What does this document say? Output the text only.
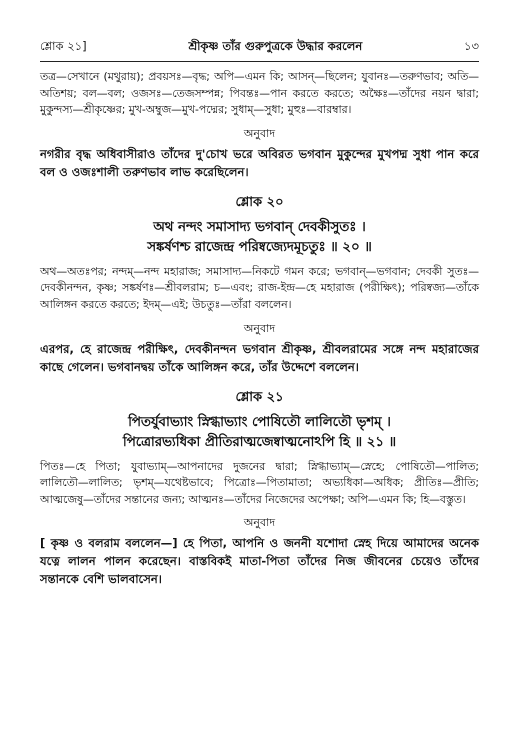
শ্লোক ২১]	শ্রীকৃষ্ণ তাঁর গুরুপুত্রকে উদ্ধার করলেন	১৩

তত্র—সেখানে (মথুরায়); প্রবয়সঃ—বৃদ্ধ; অপি—এমন কি; আসন্—ছিলেন; যুবানঃ—তরুণভাব; অতি—অতিশয়; বল—বল; ওজসঃ—তেজসম্পন্ন; পিবন্তঃ—পান করতে করতে; অক্ষৈঃ—তাঁদের নয়ন দ্বারা; মুকুন্দস্য—শ্রীকৃষ্ণের; মুখ-অম্বুজ—মুখ-পদ্মের; সুধাম্—সুধা; মুহুঃ—বারম্বার।

অনুবাদ

নগরীর বৃদ্ধ অধিবাসীরাও তাঁদের দু'চোখ ভরে অবিরত ভগবান মুকুন্দের মুখপদ্ম সুধা পান করে বল ও ওজঃশালী তরুণভাব লাভ করেছিলেন।

শ্লোক ২০

অথ নন্দং সমাসাদ্য ভগবান্ দেবকীসুতঃ ।
সঙ্কর্ষণশ্চ রাজেন্দ্র পরিষ্বজ্যেদমূচতুঃ ॥ ২০ ॥

অথ—অতঃপর; নন্দম্—নন্দ মহারাজ; সমাসাদ্য—নিকটে গমন করে; ভগবান্—ভগবান; দেবকী সুতঃ—দেবকীনন্দন, কৃষ্ণ; সঙ্কর্ষণঃ—শ্রীবলরাম; চ—এবং; রাজ-ইন্দ্র—হে মহারাজ (পরীক্ষিৎ); পরিষ্বজ্য—তাঁকে আলিঙ্গন করতে করতে; ইদম্—এই; উচতুঃ—তাঁরা বললেন।

অনুবাদ

এরপর, হে রাজেন্দ্র পরীক্ষিৎ, দেবকীনন্দন ভগবান শ্রীকৃষ্ণ, শ্রীবলরামের সঙ্গে নন্দ মহারাজের কাছে গেলেন। ভগবানদ্বয় তাঁকে আলিঙ্গন করে, তাঁর উদ্দেশে বললেন।

শ্লোক ২১

পিতর্যুবাভ্যাং স্নিগ্ধাভ্যাং পোষিতৌ লালিতৌ ভৃশম্ ।
পিত্রোরভ্যধিকা প্রীতিরাত্মজেষ্বাত্মনোঽপি হি ॥ ২১ ॥

পিতঃ—হে পিতা; যুবাভ্যাম্—আপনাদের দুজনের দ্বারা; স্নিগ্ধাভ্যাম্—স্নেহে; পোষিতৌ—পালিত; লালিতৌ—লালিত; ভৃশম্—যথেষ্টভাবে; পিত্রোঃ—পিতামাতা; অভ্যধিকা—অধিক; প্রীতিঃ—প্রীতি; আত্মজেষু—তাঁদের সন্তানের জন্য; আত্মনঃ—তাঁদের নিজেদের অপেক্ষা; অপি—এমন কি; হি—বস্তুত।

অনুবাদ

[ কৃষ্ণ ও বলরাম বললেন—] হে পিতা, আপনি ও জননী যশোদা স্নেহ দিয়ে আমাদের অনেক যত্নে লালন পালন করেছেন। বাস্তবিকই মাতা-পিতা তাঁদের নিজ জীবনের চেয়েও তাঁদের সন্তানকে বেশি ভালবাসেন।
